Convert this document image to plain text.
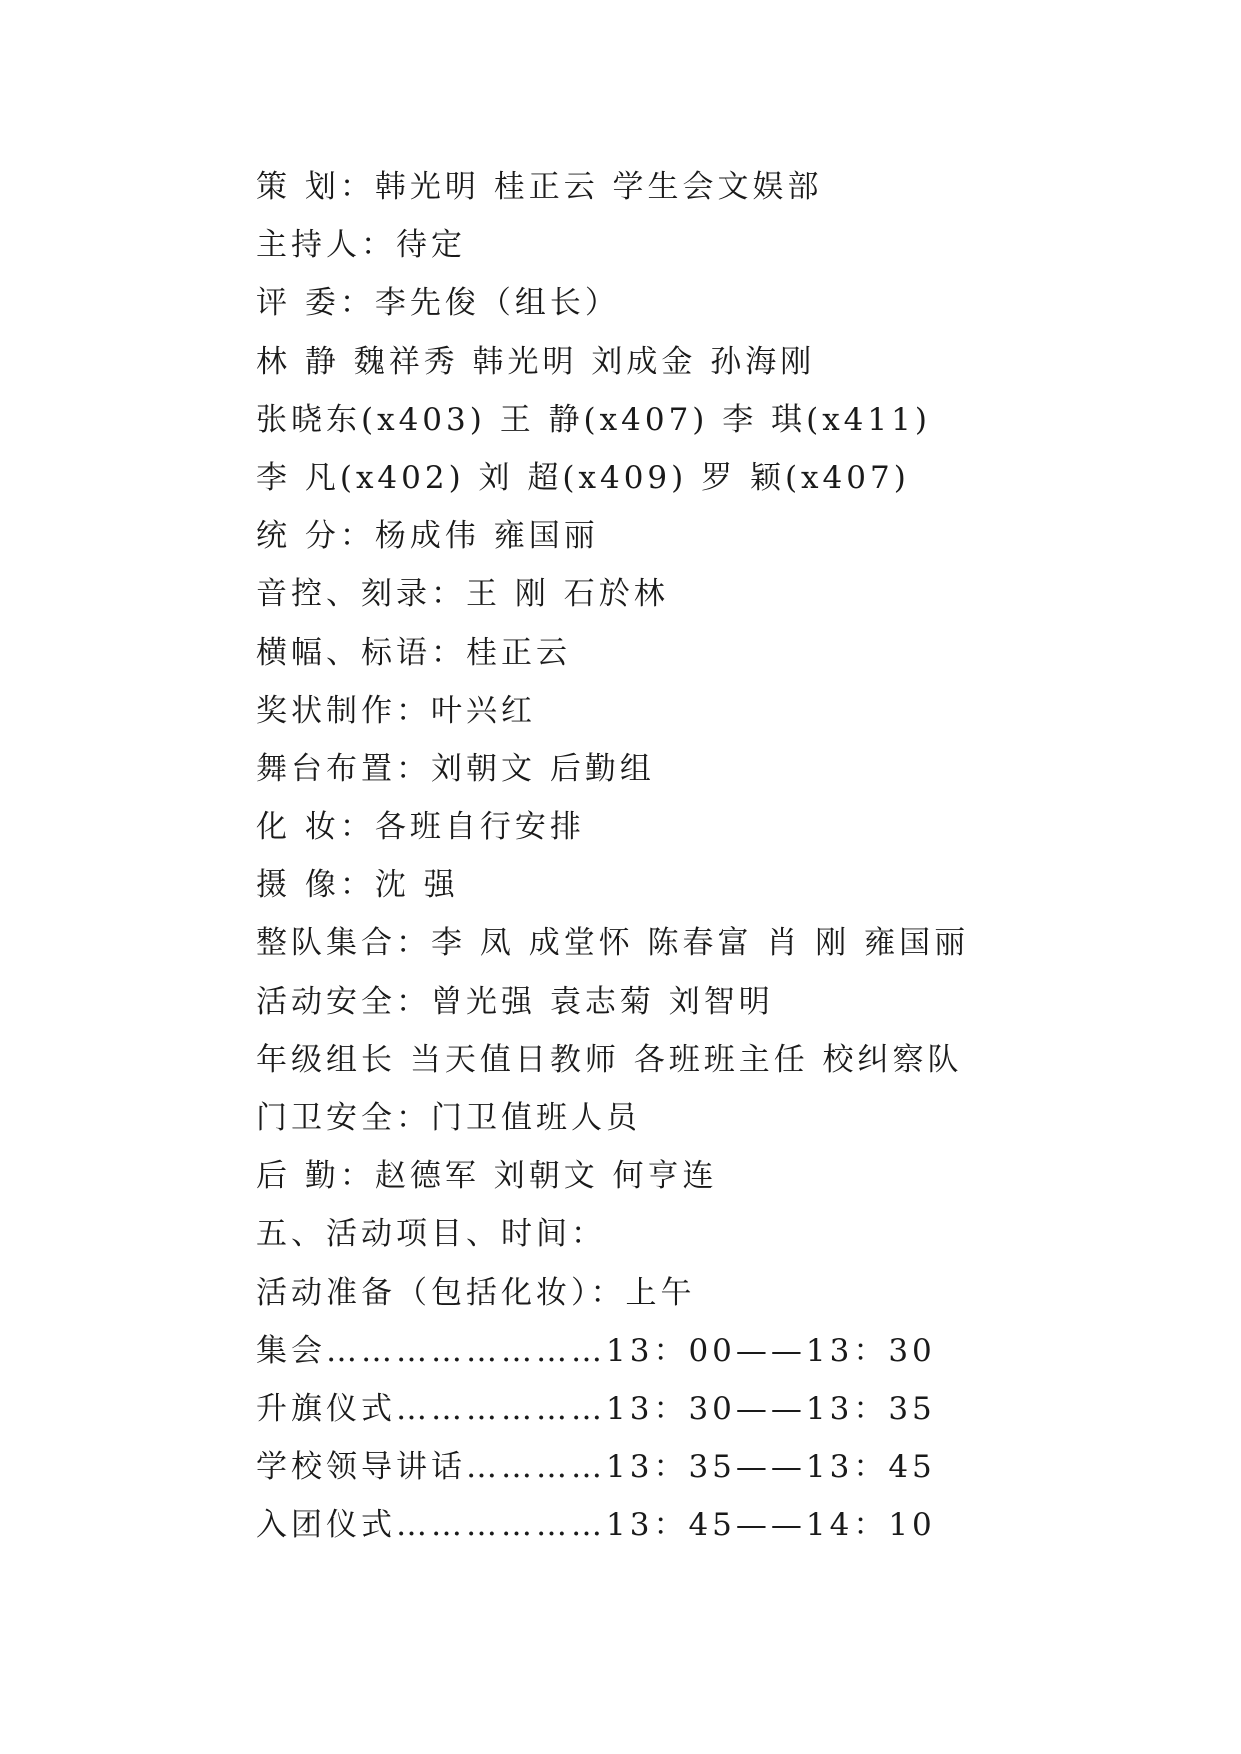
策 划：韩光明 桂正云 学生会文娱部

主持人：待定

评 委：李先俊（组长）

林 静 魏祥秀 韩光明 刘成金 孙海刚

张晓东(x403) 王 静(x407) 李 琪(x411)

李 凡(x402) 刘 超(x409) 罗 颖(x407)

统 分：杨成伟 雍国丽

音控、刻录：王 刚 石於林

横幅、标语：桂正云

奖状制作：叶兴红

舞台布置：刘朝文 后勤组

化 妆：各班自行安排

摄 像：沈 强

整队集合：李 凤 成堂怀 陈春富 肖 刚 雍国丽

活动安全：曾光强 袁志菊 刘智明

年级组长 当天值日教师 各班班主任 校纠察队

门卫安全：门卫值班人员

后 勤：赵德军 刘朝文 何亨连

五、活动项目、时间：

活动准备（包括化妆）：上午

集会……………………13：00——13：30

升旗仪式………………13：30——13：35

学校领导讲话…………13：35——13：45

入团仪式………………13：45——14：10
